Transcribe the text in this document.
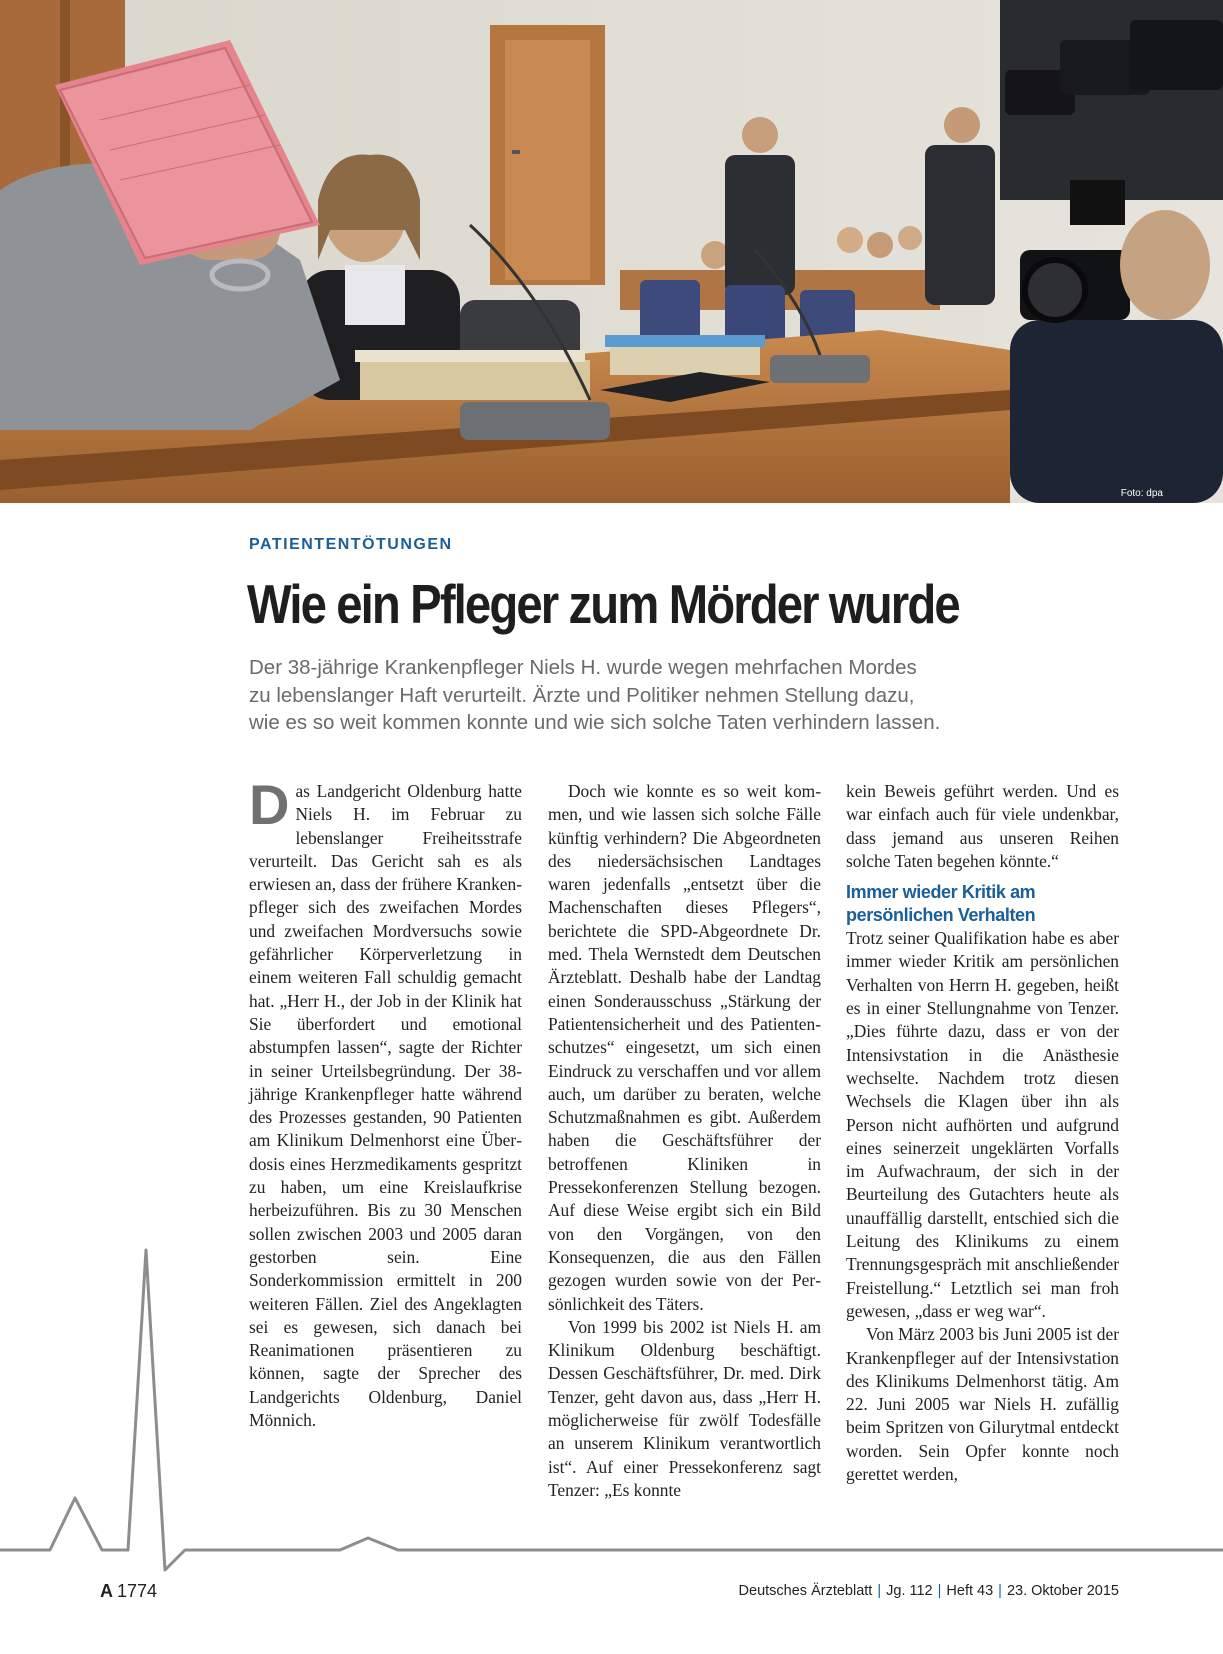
Foto: dpa
PATIENTENTÖTUNGEN
Wie ein Pfleger zum Mörder wurde
Der 38-jährige Krankenpfleger Niels H. wurde wegen mehrfachen Mordes
zu lebenslanger Haft verurteilt. Ärzte und Politiker nehmen Stellung dazu,
wie es so weit kommen konnte und wie sich solche Taten verhindern lassen.

Das Landgericht Oldenburg hatte Niels H. im Februar zu lebenslanger Freiheitsstrafe verurteilt. Das Gericht sah es als erwiesen an, dass der frühere Krankenpfleger sich des zweifachen Mordes und zweifachen Mordversuchs sowie gefährlicher Körperverletzung in einem weiteren Fall schuldig gemacht hat. „Herr H., der Job in der Klinik hat Sie überfordert und emotional abstumpfen lassen“, sagte der Richter in seiner Urteilsbegründung. Der 38-jährige Krankenpfleger hatte während des Prozesses gestanden, 90 Patienten am Klinikum Delmenhorst eine Überdosis eines Herzmedikaments gespritzt zu haben, um eine Kreislaufkrise herbeizuführen. Bis zu 30 Menschen sollen zwischen 2003 und 2005 daran gestorben sein. Eine Sonderkommission ermittelt in 200 weiteren Fällen. Ziel des Angeklagten sei es gewesen, sich danach bei Reanimationen präsentieren zu können, sagte der Sprecher des Landgerichts Oldenburg, Daniel Mönnich.

Doch wie konnte es so weit kommen, und wie lassen sich solche Fälle künftig verhindern? Die Abgeordneten des niedersächsischen Landtages waren jedenfalls „entsetzt über die Machenschaften dieses Pflegers“, berichtete die SPD-Abgeordnete Dr. med. Thela Wernstedt dem Deutschen Ärzteblatt. Deshalb habe der Landtag einen Sonderausschuss „Stärkung der Patientensicherheit und des Patientenschutzes“ eingesetzt, um sich einen Eindruck zu verschaffen und vor allem auch, um darüber zu beraten, welche Schutzmaßnahmen es gibt. Außerdem haben die Geschäftsführer der betroffenen Kliniken in Pressekonferenzen Stellung bezogen. Auf diese Weise ergibt sich ein Bild von den Vorgängen, von den Konsequenzen, die aus den Fällen gezogen wurden sowie von der Persönlichkeit des Täters.

Von 1999 bis 2002 ist Niels H. am Klinikum Oldenburg beschäftigt. Dessen Geschäftsführer, Dr. med. Dirk Tenzer, geht davon aus, dass „Herr H. möglicherweise für zwölf Todesfälle an unserem Klinikum verantwortlich ist“. Auf einer Pressekonferenz sagt Tenzer: „Es konnte

kein Beweis geführt werden. Und es war einfach auch für viele undenkbar, dass jemand aus unseren Reihen solche Taten begehen könnte.“

Immer wieder Kritik am persönlichen Verhalten

Trotz seiner Qualifikation habe es aber immer wieder Kritik am persönlichen Verhalten von Herrn H. gegeben, heißt es in einer Stellungnahme von Tenzer. „Dies führte dazu, dass er von der Intensivstation in die Anästhesie wechselte. Nachdem trotz diesen Wechsels die Klagen über ihn als Person nicht aufhörten und aufgrund eines seinerzeit ungeklärten Vorfalls im Aufwachraum, der sich in der Beurteilung des Gutachters heute als unauffällig darstellt, entschied sich die Leitung des Klinikums zu einem Trennungsgespräch mit anschließender Freistellung.“ Letztlich sei man froh gewesen, „dass er weg war“.

Von März 2003 bis Juni 2005 ist der Krankenpfleger auf der Intensivstation des Klinikums Delmenhorst tätig. Am 22. Juni 2005 war Niels H. zufällig beim Spritzen von Gilurytmal entdeckt worden. Sein Opfer konnte noch gerettet werden,

A 1774	Deutsches Ärzteblatt | Jg. 112 | Heft 43 | 23. Oktober 2015
